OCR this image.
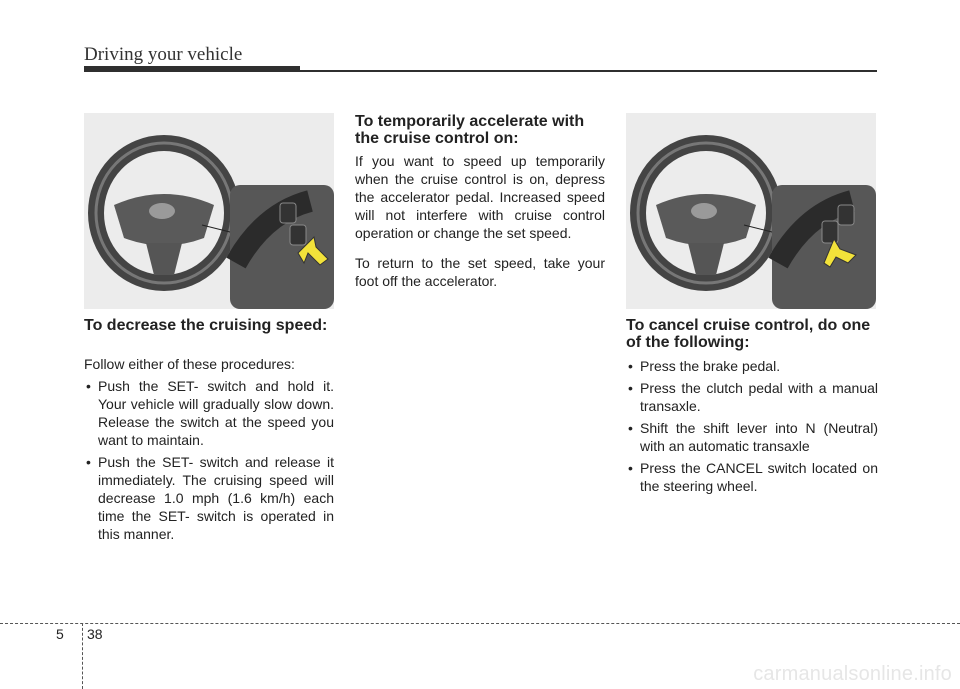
Driving your vehicle
To decrease the cruising speed:

Follow either of these procedures:

• Push the SET- switch and hold it. Your vehicle will gradually slow down. Release the switch at the speed you want to maintain.
• Push the SET- switch and release it immediately. The cruising speed will decrease 1.0 mph (1.6 km/h) each time the SET- switch is operated in this manner.
To temporarily accelerate with the cruise control on:

If you want to speed up temporarily when the cruise control is on, depress the accelerator pedal. Increased speed will not interfere with cruise control operation or change the set speed.

To return to the set speed, take your foot off the accelerator.

To cancel cruise control, do one of the following:
• Press the brake pedal.
• Press the clutch pedal with a manual transaxle.
• Shift the shift lever into N (Neutral) with an automatic transaxle
• Press the CANCEL switch located on the steering wheel.
5 38
carmanualsonline.info
